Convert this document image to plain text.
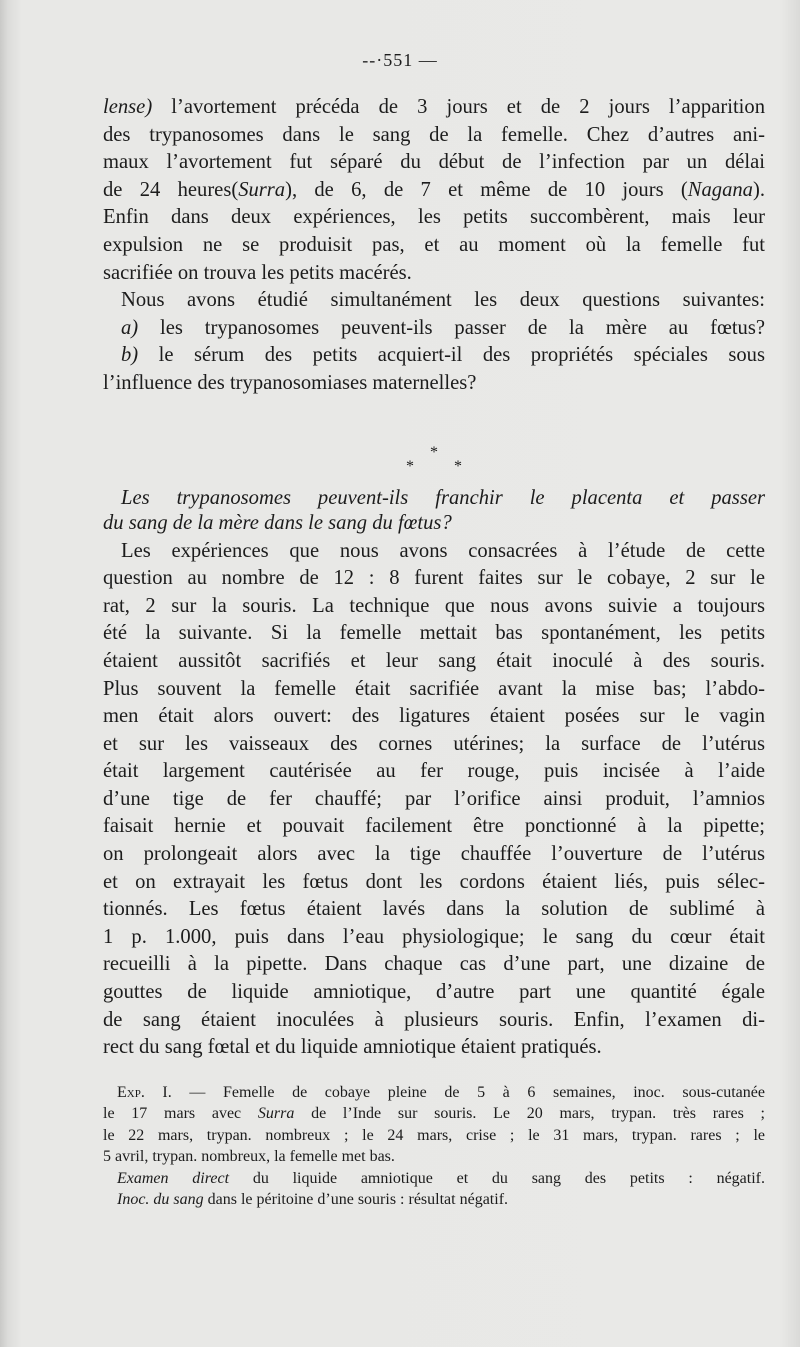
--·551 —
lense) l’avortement précéda de 3 jours et de 2 jours l’apparition
des trypanosomes dans le sang de la femelle. Chez d’autres ani-
maux l’avortement fut séparé du début de l’infection par un délai
de 24 heures(Surra), de 6, de 7 et même de 10 jours (Nagana).
Enfin dans deux expériences, les petits succombèrent, mais leur
expulsion ne se produisit pas, et au moment où la femelle fut
sacrifiée on trouva les petits macérés.
Nous avons étudié simultanément les deux questions suivantes:
a) les trypanosomes peuvent-ils passer de la mère au fœtus?
b) le sérum des petits acquiert-il des propriétés spéciales sous
l’influence des trypanosomiases maternelles?
*
* *
Les trypanosomes peuvent-ils franchir le placenta et passer
du sang de la mère dans le sang du fœtus?
Les expériences que nous avons consacrées à l’étude de cette
question au nombre de 12 : 8 furent faites sur le cobaye, 2 sur le
rat, 2 sur la souris. La technique que nous avons suivie a toujours
été la suivante. Si la femelle mettait bas spontanément, les petits
étaient aussitôt sacrifiés et leur sang était inoculé à des souris.
Plus souvent la femelle était sacrifiée avant la mise bas; l’abdo-
men était alors ouvert: des ligatures étaient posées sur le vagin
et sur les vaisseaux des cornes utérines; la surface de l’utérus
était largement cautérisée au fer rouge, puis incisée à l’aide
d’une tige de fer chauffé; par l’orifice ainsi produit, l’amnios
faisait hernie et pouvait facilement être ponctionné à la pipette;
on prolongeait alors avec la tige chauffée l’ouverture de l’utérus
et on extrayait les fœtus dont les cordons étaient liés, puis sélec-
tionnés. Les fœtus étaient lavés dans la solution de sublimé à
1 p. 1.000, puis dans l’eau physiologique; le sang du cœur était
recueilli à la pipette. Dans chaque cas d’une part, une dizaine de
gouttes de liquide amniotique, d’autre part une quantité égale
de sang étaient inoculées à plusieurs souris. Enfin, l’examen di-
rect du sang fœtal et du liquide amniotique étaient pratiqués.
Exp. I. — Femelle de cobaye pleine de 5 à 6 semaines, inoc. sous-cutanée
le 17 mars avec Surra de l’Inde sur souris. Le 20 mars, trypan. très rares ;
le 22 mars, trypan. nombreux ; le 24 mars, crise ; le 31 mars, trypan. rares ; le
5 avril, trypan. nombreux, la femelle met bas.
Examen direct du liquide amniotique et du sang des petits : négatif.
Inoc. du sang dans le péritoine d’une souris : résultat négatif.
